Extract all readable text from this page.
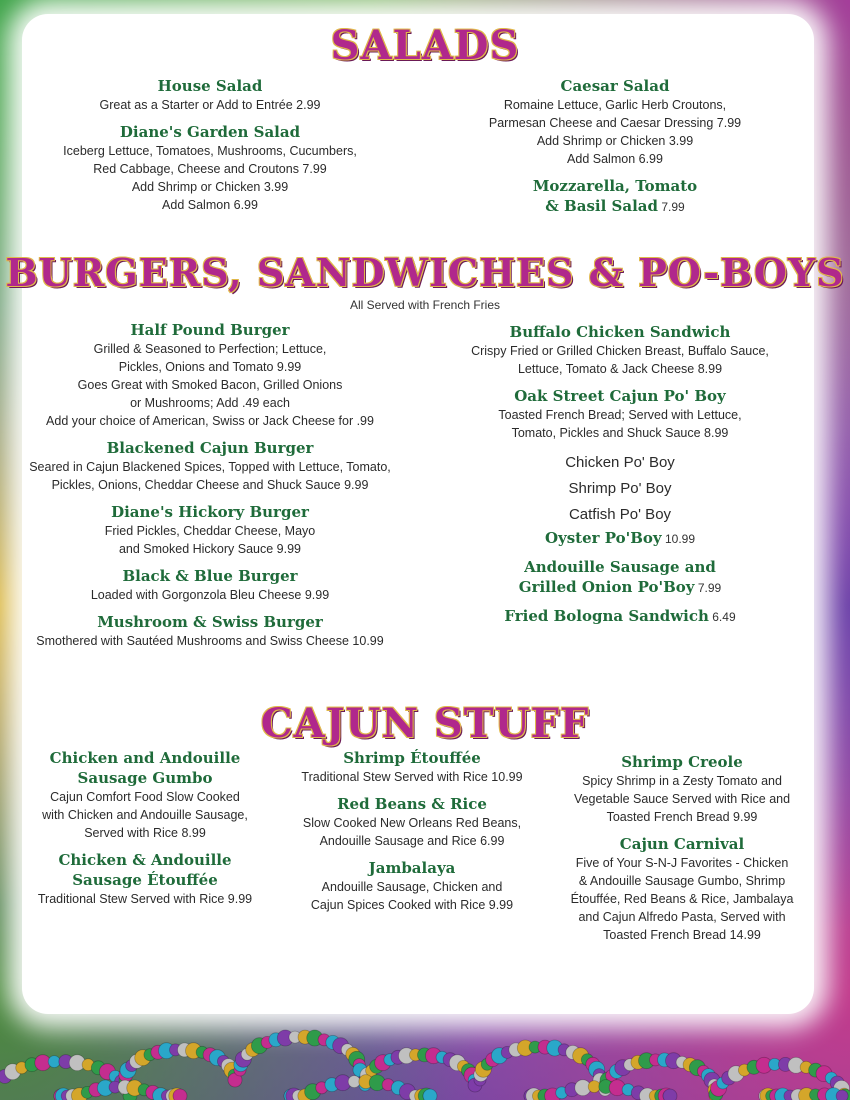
SALADS
House Salad
Great as a Starter or Add to Entrée 2.99
Diane's Garden Salad
Iceberg Lettuce, Tomatoes, Mushrooms, Cucumbers,
Red Cabbage, Cheese and Croutons 7.99
Add Shrimp or Chicken 3.99
Add Salmon 6.99
Caesar Salad
Romaine Lettuce, Garlic Herb Croutons,
Parmesan Cheese and Caesar Dressing 7.99
Add Shrimp or Chicken 3.99
Add Salmon 6.99
Mozzarella, Tomato
& Basil Salad 7.99
BURGERS, SANDWICHES & PO-BOYS

All Served with French Fries

Half Pound Burger
Grilled & Seasoned to Perfection; Lettuce,
Pickles, Onions and Tomato 9.99
Goes Great with Smoked Bacon, Grilled Onions
or Mushrooms; Add .49 each
Add your choice of American, Swiss or Jack Cheese for .99
Blackened Cajun Burger
Seared in Cajun Blackened Spices, Topped with Lettuce, Tomato,
Pickles, Onions, Cheddar Cheese and Shuck Sauce 9.99
Diane's Hickory Burger
Fried Pickles, Cheddar Cheese, Mayo
and Smoked Hickory Sauce 9.99
Black & Blue Burger
Loaded with Gorgonzola Bleu Cheese 9.99
Mushroom & Swiss Burger
Smothered with Sautéed Mushrooms and Swiss Cheese 10.99
Buffalo Chicken Sandwich
Crispy Fried or Grilled Chicken Breast, Buffalo Sauce,
Lettuce, Tomato & Jack Cheese 8.99
Oak Street Cajun Po' Boy
Toasted French Bread; Served with Lettuce,
Tomato, Pickles and Shuck Sauce 8.99
Chicken Po' Boy
Shrimp Po' Boy
Catfish Po' Boy
Oyster Po'Boy 10.99
Andouille Sausage and
Grilled Onion Po'Boy 7.99
Fried Bologna Sandwich 6.49
CAJUN STUFF
Chicken and Andouille
Sausage Gumbo
Cajun Comfort Food Slow Cooked
with Chicken and Andouille Sausage,
Served with Rice 8.99
Chicken & Andouille
Sausage Étouffée
Traditional Stew Served with Rice 9.99
Shrimp Étouffée
Traditional Stew Served with Rice 10.99
Red Beans & Rice
Slow Cooked New Orleans Red Beans,
Andouille Sausage and Rice 6.99
Jambalaya
Andouille Sausage, Chicken and
Cajun Spices Cooked with Rice 9.99
Shrimp Creole
Spicy Shrimp in a Zesty Tomato and
Vegetable Sauce Served with Rice and
Toasted French Bread 9.99
Cajun Carnival
Five of Your S-N-J Favorites - Chicken
& Andouille Sausage Gumbo, Shrimp
Étouffée, Red Beans & Rice, Jambalaya
and Cajun Alfredo Pasta, Served with
Toasted French Bread 14.99
